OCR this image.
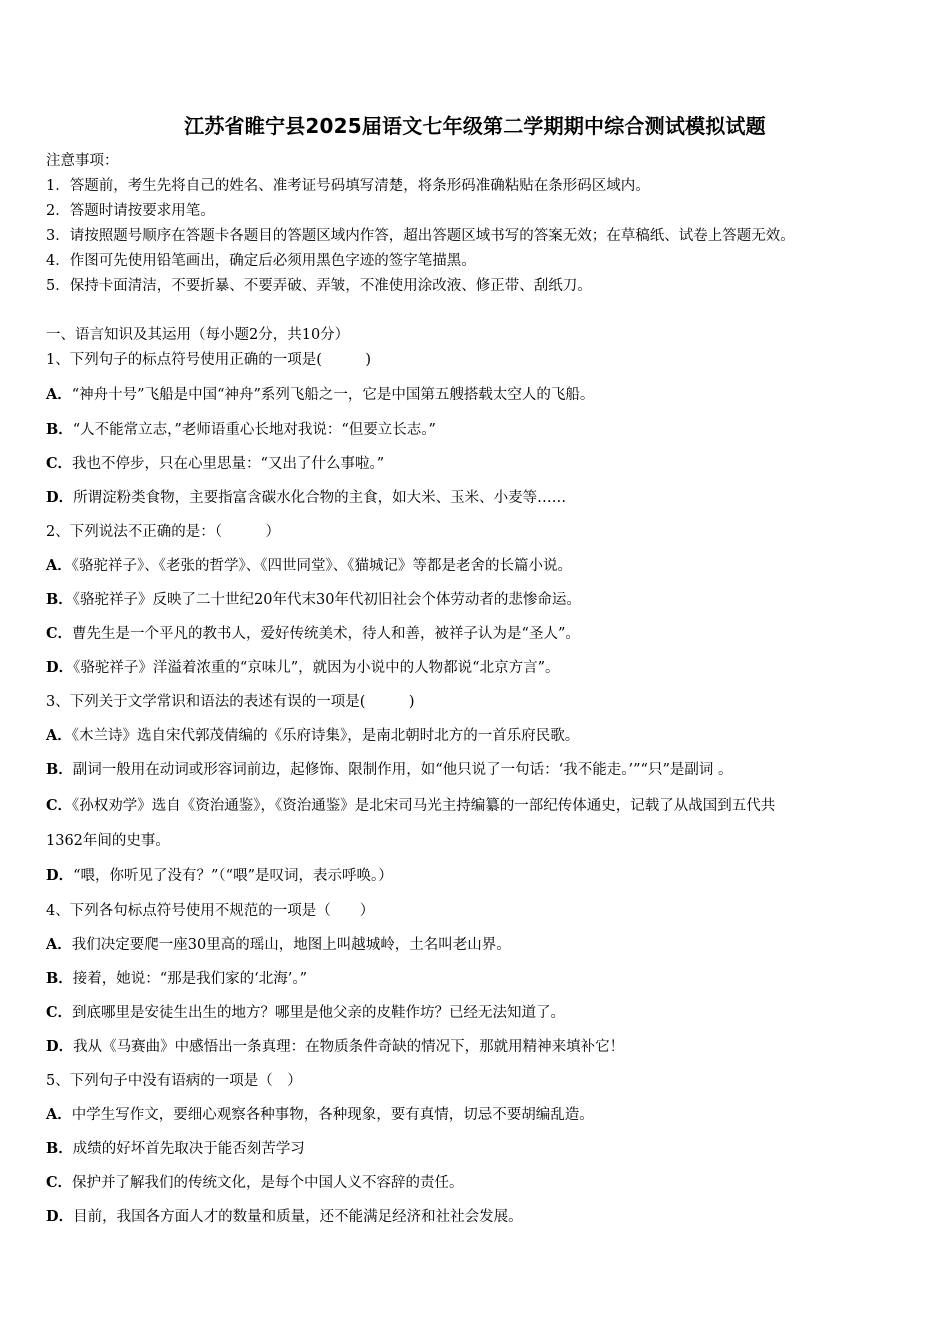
江苏省睢宁县2025届语文七年级第二学期期中综合测试模拟试题
注意事项：
1．答题前，考生先将自己的姓名、准考证号码填写清楚，将条形码准确粘贴在条形码区域内。
2．答题时请按要求用笔。
3．请按照题号顺序在答题卡各题目的答题区域内作答，超出答题区域书写的答案无效；在草稿纸、试卷上答题无效。
4．作图可先使用铅笔画出，确定后必须用黑色字迹的签字笔描黑。
5．保持卡面清洁，不要折暴、不要弄破、弄皱，不准使用涂改液、修正带、刮纸刀。
一、语言知识及其运用（每小题2分，共10分）
1、下列句子的标点符号使用正确的一项是(　　　)
A．“神舟十号”飞船是中国“神舟”系列飞船之一，它是中国第五艘搭载太空人的飞船。
B．“人不能常立志，”老师语重心长地对我说：“但要立长志。”
C．我也不停步，只在心里思量：“又出了什么事啦。”
D．所谓淀粉类食物，主要指富含碳水化合物的主食，如大米、玉米、小麦等……
2、下列说法不正确的是：（　　　）
A．《骆驼祥子》、《老张的哲学》、《四世同堂》、《猫城记》等都是老舍的长篇小说。
B．《骆驼祥子》反映了二十世纪20年代末30年代初旧社会个体劳动者的悲惨命运。
C．曹先生是一个平凡的教书人，爱好传统美术，待人和善，被祥子认为是“圣人”。
D．《骆驼祥子》洋溢着浓重的“京味儿”，就因为小说中的人物都说“北京方言”。
3、下列关于文学常识和语法的表述有误的一项是(　　　)
A．《木兰诗》选自宋代郭茂倩编的《乐府诗集》，是南北朝时北方的一首乐府民歌。
B．副词一般用在动词或形容词前边，起修饰、限制作用，如“他只说了一句话：‘我不能走。’”“只”是副词 。
C．《孙权劝学》选自《资治通鉴》，《资治通鉴》是北宋司马光主持编纂的一部纪传体通史，记载了从战国到五代共
1362年间的史事。
D．“喂，你听见了没有？”（“喂”是叹词，表示呼唤。）
4、下列各句标点符号使用不规范的一项是（　　）
A．我们决定要爬一座30里高的瑶山，地图上叫越城岭，土名叫老山界。
B．接着，她说：“那是我们家的‘北海’。”
C．到底哪里是安徒生出生的地方？哪里是他父亲的皮鞋作坊？已经无法知道了。
D．我从《马赛曲》中感悟出一条真理：在物质条件奇缺的情况下，那就用精神来填补它！
5、下列句子中没有语病的一项是（　）
A．中学生写作文，要细心观察各种事物，各种现象，要有真情，切忌不要胡编乱造。
B．成绩的好坏首先取决于能否刻苦学习
C．保护并了解我们的传统文化，是每个中国人义不容辞的责任。
D．目前，我国各方面人才的数量和质量，还不能满足经济和社社会发展。
